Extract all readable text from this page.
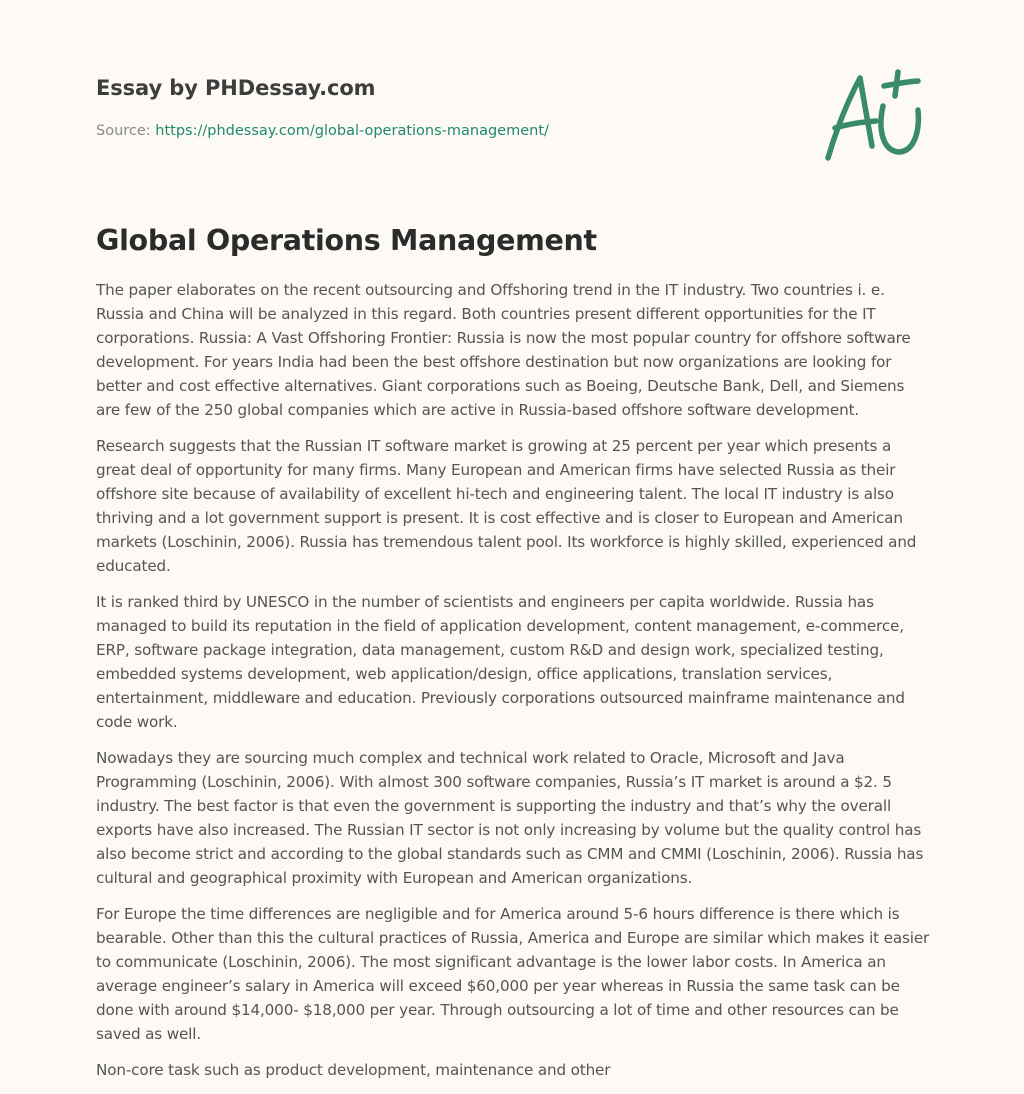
Essay by PHDessay.com
Source: https://phdessay.com/global-operations-management/
Global Operations Management

The paper elaborates on the recent outsourcing and Offshoring trend in the IT industry. Two countries i. e. Russia and China will be analyzed in this regard. Both countries present different opportunities for the IT corporations. Russia: A Vast Offshoring Frontier: Russia is now the most popular country for offshore software development. For years India had been the best offshore destination but now organizations are looking for better and cost effective alternatives. Giant corporations such as Boeing, Deutsche Bank, Dell, and Siemens are few of the 250 global companies which are active in Russia-based offshore software development.

Research suggests that the Russian IT software market is growing at 25 percent per year which presents a great deal of opportunity for many firms. Many European and American firms have selected Russia as their offshore site because of availability of excellent hi-tech and engineering talent. The local IT industry is also thriving and a lot government support is present. It is cost effective and is closer to European and American markets (Loschinin, 2006). Russia has tremendous talent pool. Its workforce is highly skilled, experienced and educated.

It is ranked third by UNESCO in the number of scientists and engineers per capita worldwide. Russia has managed to build its reputation in the field of application development, content management, e-commerce, ERP, software package integration, data management, custom R&D and design work, specialized testing, embedded systems development, web application/design, office applications, translation services, entertainment, middleware and education. Previously corporations outsourced mainframe maintenance and code work.

Nowadays they are sourcing much complex and technical work related to Oracle, Microsoft and Java Programming (Loschinin, 2006). With almost 300 software companies, Russia’s IT market is around a $2. 5 industry. The best factor is that even the government is supporting the industry and that’s why the overall exports have also increased. The Russian IT sector is not only increasing by volume but the quality control has also become strict and according to the global standards such as CMM and CMMI (Loschinin, 2006). Russia has cultural and geographical proximity with European and American organizations.

For Europe the time differences are negligible and for America around 5-6 hours difference is there which is bearable. Other than this the cultural practices of Russia, America and Europe are similar which makes it easier to communicate (Loschinin, 2006). The most significant advantage is the lower labor costs. In America an average engineer’s salary in America will exceed $60,000 per year whereas in Russia the same task can be done with around $14,000- $18,000 per year. Through outsourcing a lot of time and other resources can be saved as well.

Non-core task such as product development, maintenance and other
